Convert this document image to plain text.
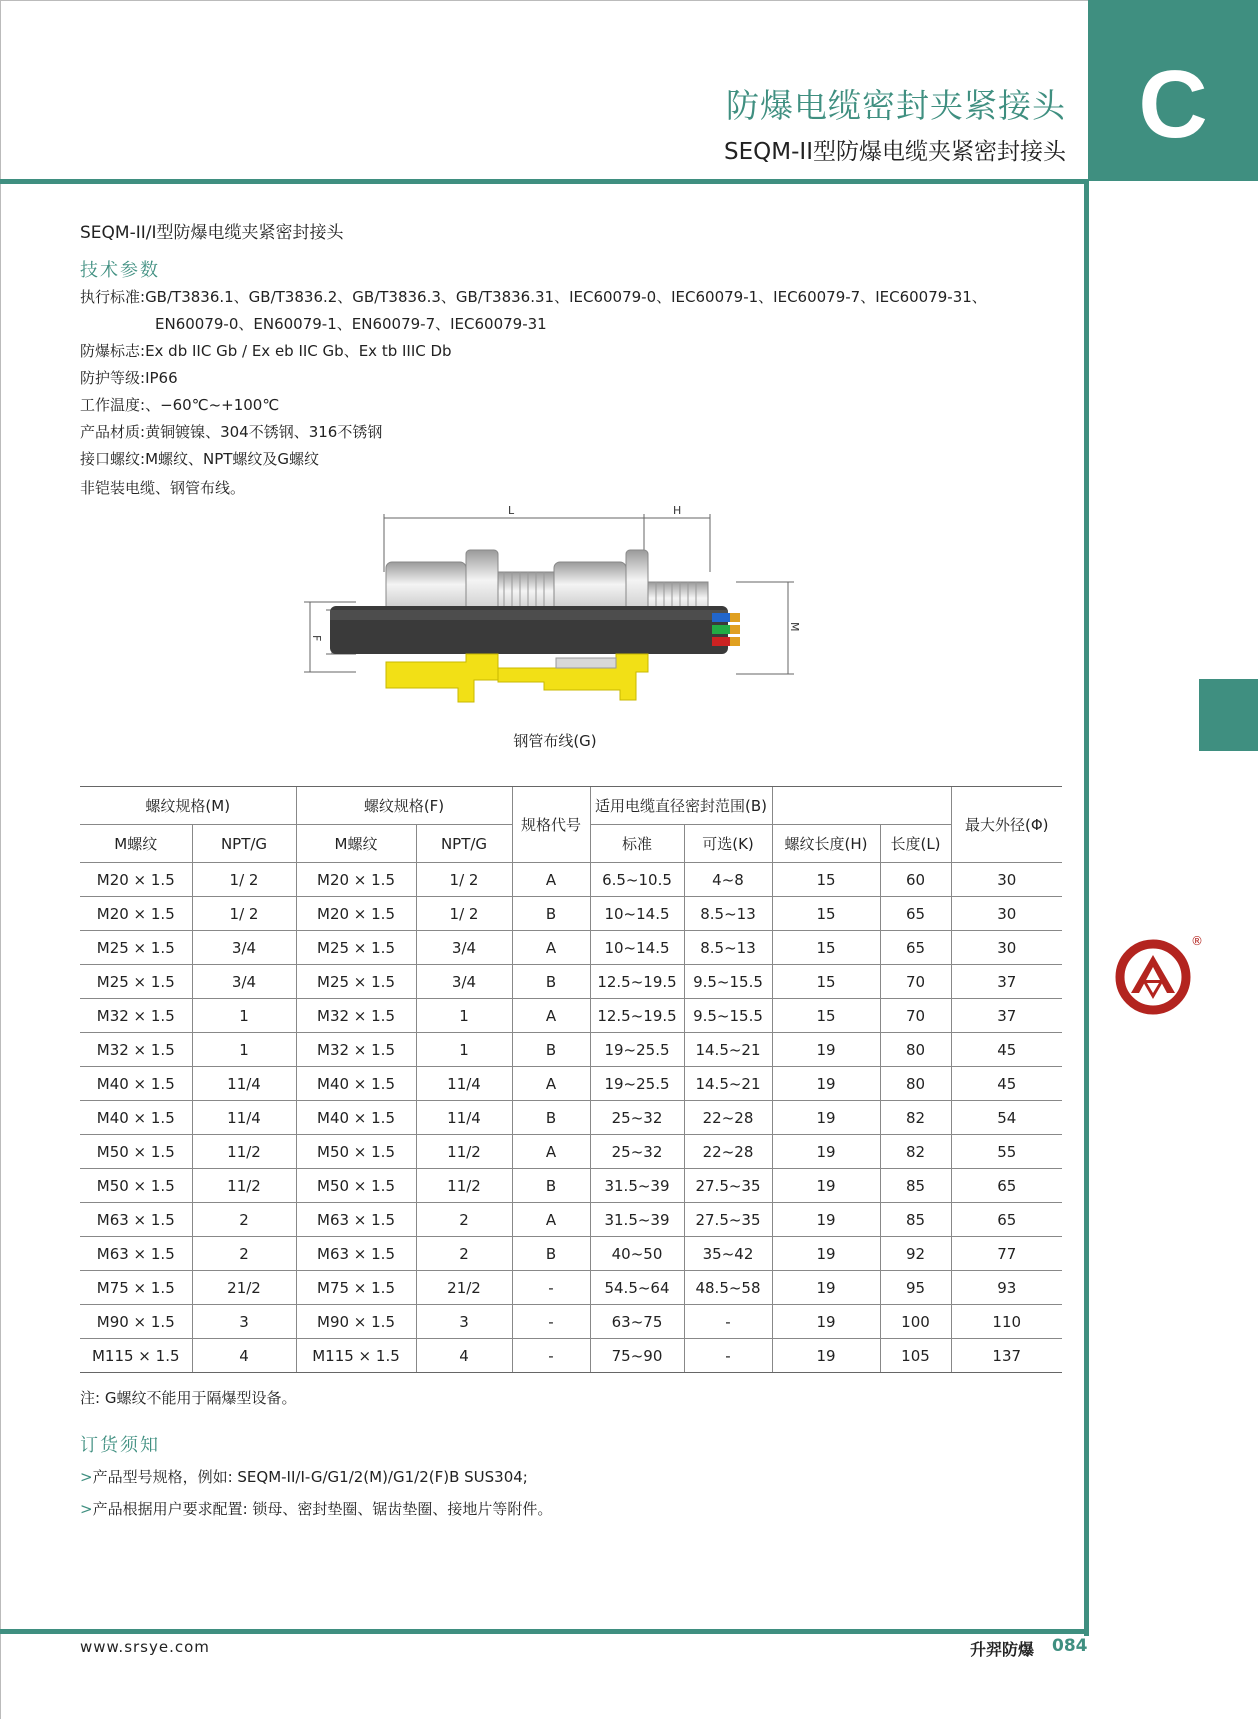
C
防爆电缆密封夹紧接头
SEQM-II型防爆电缆夹紧密封接头
®
SEQM-II/I型防爆电缆夹紧密封接头
技术参数
执行标准:GB/T3836.1、GB/T3836.2、GB/T3836.3、GB/T3836.31、IEC60079-0、IEC60079-1、IEC60079-7、IEC60079-31、
EN60079-0、EN60079-1、EN60079-7、IEC60079-31
防爆标志:Ex db IIC Gb / Ex eb IIC Gb、Ex tb IIIC Db
防护等级:IP66
工作温度:、−60℃~+100℃
产品材质:黄铜镀镍、304不锈钢、316不锈钢
接口螺纹:M螺纹、NPT螺纹及G螺纹
非铠装电缆、钢管布线。
L	H
M
F
钢管布线(G)
螺纹规格(M)		螺纹规格(F)		规格代号	适用电缆直径密封范围(B)				最大外径(Φ)
M螺纹	NPT/G	M螺纹	NPT/G		标准	可选(K)	螺纹长度(H)	长度(L)	
M20 × 1.5	1/ 2	M20 × 1.5	1/ 2	A	6.5~10.5	4~8	15	60	30
M20 × 1.5	1/ 2	M20 × 1.5	1/ 2	B	10~14.5	8.5~13	15	65	30
M25 × 1.5	3/4	M25 × 1.5	3/4	A	10~14.5	8.5~13	15	65	30
M25 × 1.5	3/4	M25 × 1.5	3/4	B	12.5~19.5	9.5~15.5	15	70	37
M32 × 1.5	1	M32 × 1.5	1	A	12.5~19.5	9.5~15.5	15	70	37
M32 × 1.5	1	M32 × 1.5	1	B	19~25.5	14.5~21	19	80	45
M40 × 1.5	11/4	M40 × 1.5	11/4	A	19~25.5	14.5~21	19	80	45
M40 × 1.5	11/4	M40 × 1.5	11/4	B	25~32	22~28	19	82	54
M50 × 1.5	11/2	M50 × 1.5	11/2	A	25~32	22~28	19	82	55
M50 × 1.5	11/2	M50 × 1.5	11/2	B	31.5~39	27.5~35	19	85	65
M63 × 1.5	2	M63 × 1.5	2	A	31.5~39	27.5~35	19	85	65
M63 × 1.5	2	M63 × 1.5	2	B	40~50	35~42	19	92	77
M75 × 1.5	21/2	M75 × 1.5	21/2	-	54.5~64	48.5~58	19	95	93
M90 × 1.5	3	M90 × 1.5	3	-	63~75	-	19	100	110
M115 × 1.5	4	M115 × 1.5	4	-	75~90	-	19	105	137
注: G螺纹不能用于隔爆型设备。
订货须知
>产品型号规格，例如: SEQM-II/I-G/G1/2(M)/G1/2(F)B SUS304;
>产品根据用户要求配置: 锁母、密封垫圈、锯齿垫圈、接地片等附件。
www.srsye.com	升羿防爆 084
